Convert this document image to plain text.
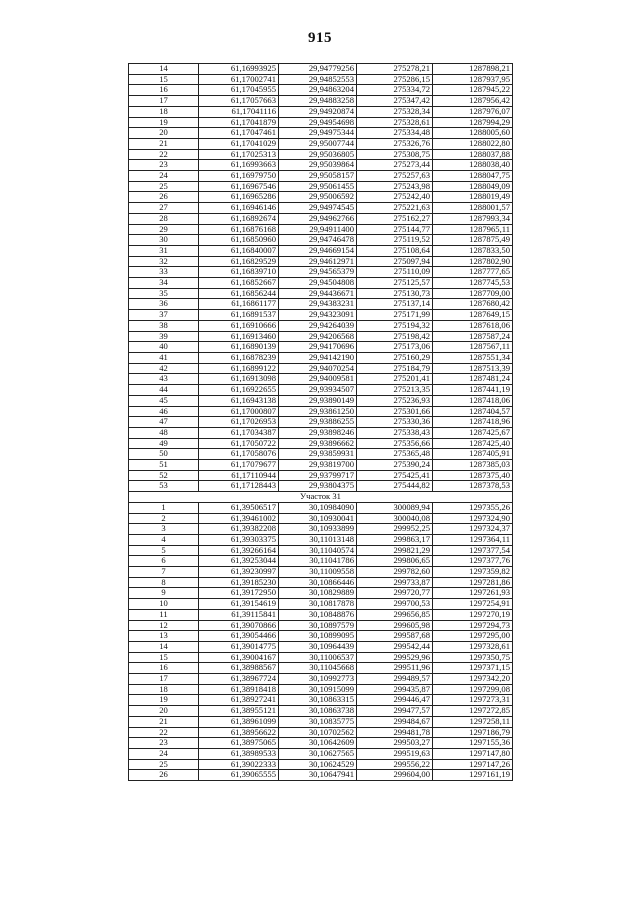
915
14	61,16993925	29,94779256	275278,21	1287898,21
15	61,17002741	29,94852553	275286,15	1287937,95
16	61,17045955	29,94863204	275334,72	1287945,22
17	61,17057663	29,94883258	275347,42	1287956,42
18	61,17041116	29,94920874	275328,34	1287976,07
19	61,17041879	29,94954698	275328,61	1287994,29
20	61,17047461	29,94975344	275334,48	1288005,60
21	61,17041029	29,95007744	275326,76	1288022,80
22	61,17025313	29,95036805	275308,75	1288037,88
23	61,16993663	29,95039864	275273,44	1288038,40
24	61,16979750	29,95058157	275257,63	1288047,75
25	61,16967546	29,95061455	275243,98	1288049,09
26	61,16965286	29,95006592	275242,40	1288019,49
27	61,16946146	29,94974545	275221,63	1288001,57
28	61,16892674	29,94962766	275162,27	1287993,34
29	61,16876168	29,94911400	275144,77	1287965,11
30	61,16850960	29,94746478	275119,52	1287875,49
31	61,16840007	29,94669154	275108,64	1287833,50
32	61,16829529	29,94612971	275097,94	1287802,90
33	61,16839710	29,94565379	275110,09	1287777,65
34	61,16852667	29,94504808	275125,57	1287745,53
35	61,16856244	29,94436671	275130,73	1287709,00
36	61,16861177	29,94383231	275137,14	1287680,42
37	61,16891537	29,94323091	275171,99	1287649,15
38	61,16910666	29,94264039	275194,32	1287618,06
39	61,16913460	29,94206568	275198,42	1287587,24
40	61,16890139	29,94170696	275173,06	1287567,11
41	61,16878239	29,94142190	275160,29	1287551,34
42	61,16899122	29,94070254	275184,79	1287513,39
43	61,16913098	29,94009581	275201,41	1287481,24
44	61,16922655	29,93934507	275213,35	1287441,19
45	61,16943138	29,93890149	275236,93	1287418,06
46	61,17000807	29,93861250	275301,66	1287404,57
47	61,17026953	29,93886255	275330,36	1287418,96
48	61,17034387	29,93898246	275338,43	1287425,67
49	61,17050722	29,93896662	275356,66	1287425,40
50	61,17058076	29,93859931	275365,48	1287405,91
51	61,17079677	29,93819700	275390,24	1287385,03
52	61,17110944	29,93799717	275425,41	1287375,40
53	61,17128443	29,93804375	275444,82	1287378,53
Участок 31				
1	61,39506517	30,10984090	300089,94	1297355,26
2	61,39461002	30,10930041	300040,08	1297324,90
3	61,39382208	30,10933899	299952,25	1297324,37
4	61,39303375	30,11013148	299863,17	1297364,11
5	61,39266164	30,11040574	299821,29	1297377,54
6	61,39253044	30,11041786	299806,65	1297377,76
7	61,39230997	30,11009558	299782,60	1297359,82
8	61,39185230	30,10866446	299733,87	1297281,86
9	61,39172950	30,10829889	299720,77	1297261,93
10	61,39154619	30,10817878	299700,53	1297254,91
11	61,39115841	30,10848876	299656,85	1297270,19
12	61,39070866	30,10897579	299605,98	1297294,73
13	61,39054466	30,10899095	299587,68	1297295,00
14	61,39014775	30,10964439	299542,44	1297328,61
15	61,39004167	30,11006537	299529,96	1297350,75
16	61,38988567	30,11045668	299511,96	1297371,15
17	61,38967724	30,10992773	299489,57	1297342,20
18	61,38918418	30,10915099	299435,87	1297299,08
19	61,38927241	30,10863315	299446,47	1297273,31
20	61,38955121	30,10863738	299477,57	1297272,85
21	61,38961099	30,10835775	299484,67	1297258,11
22	61,38956622	30,10702562	299481,78	1297186,79
23	61,38975065	30,10642609	299503,27	1297155,36
24	61,38989533	30,10627565	299519,63	1297147,80
25	61,39022333	30,10624529	299556,22	1297147,26
26	61,39065555	30,10647941	299604,00	1297161,19
